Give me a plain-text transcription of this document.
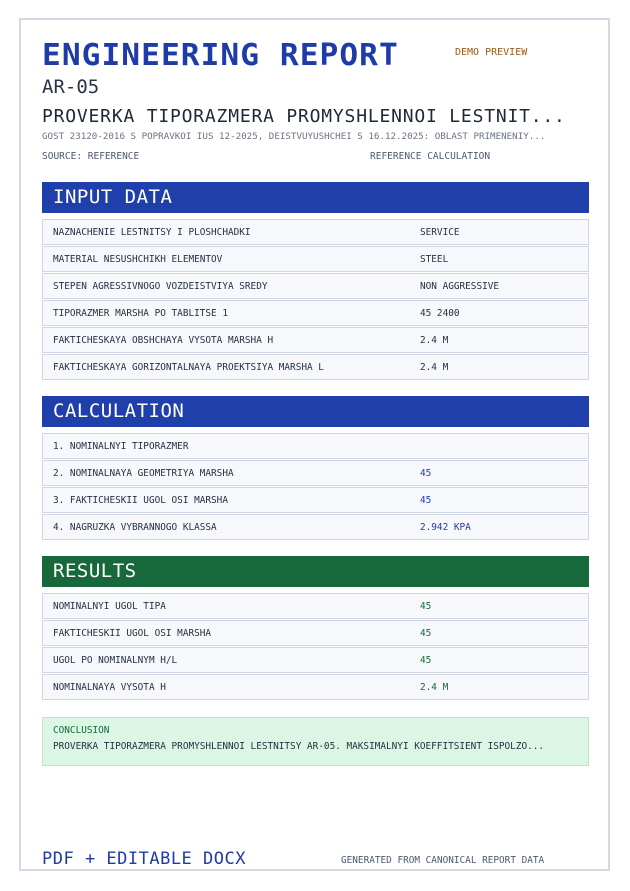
ENGINEERING REPORT	DEMO PREVIEW
AR-05
PROVERKA TIPORAZMERA PROMYSHLENNOI LESTNIT...
GOST 23120-2016 S POPRAVKOI IUS 12-2025, DEISTVUYUSHCHEI S 16.12.2025: OBLAST PRIMENENIY...
SOURCE: REFERENCE	REFERENCE CALCULATION
INPUT DATA
NAZNACHENIE LESTNITSY I PLOSHCHADKI	SERVICE
MATERIAL NESUSHCHIKH ELEMENTOV	STEEL
STEPEN AGRESSIVNOGO VOZDEISTVIYA SREDY	NON AGGRESSIVE
TIPORAZMER MARSHA PO TABLITSE 1	45 2400
FAKTICHESKAYA OBSHCHAYA VYSOTA MARSHA H	2.4 M
FAKTICHESKAYA GORIZONTALNAYA PROEKTSIYA MARSHA L	2.4 M
CALCULATION
1. NOMINALNYI TIPORAZMER
2. NOMINALNAYA GEOMETRIYA MARSHA	45
3. FAKTICHESKII UGOL OSI MARSHA	45
4. NAGRUZKA VYBRANNOGO KLASSA	2.942 KPA
RESULTS
NOMINALNYI UGOL TIPA	45
FAKTICHESKII UGOL OSI MARSHA	45
UGOL PO NOMINALNYM H/L	45
NOMINALNAYA VYSOTA H	2.4 M
CONCLUSION
PROVERKA TIPORAZMERA PROMYSHLENNOI LESTNITSY AR-05. MAKSIMALNYI KOEFFITSIENT ISPOLZO...
PDF + EDITABLE DOCX	GENERATED FROM CANONICAL REPORT DATA
